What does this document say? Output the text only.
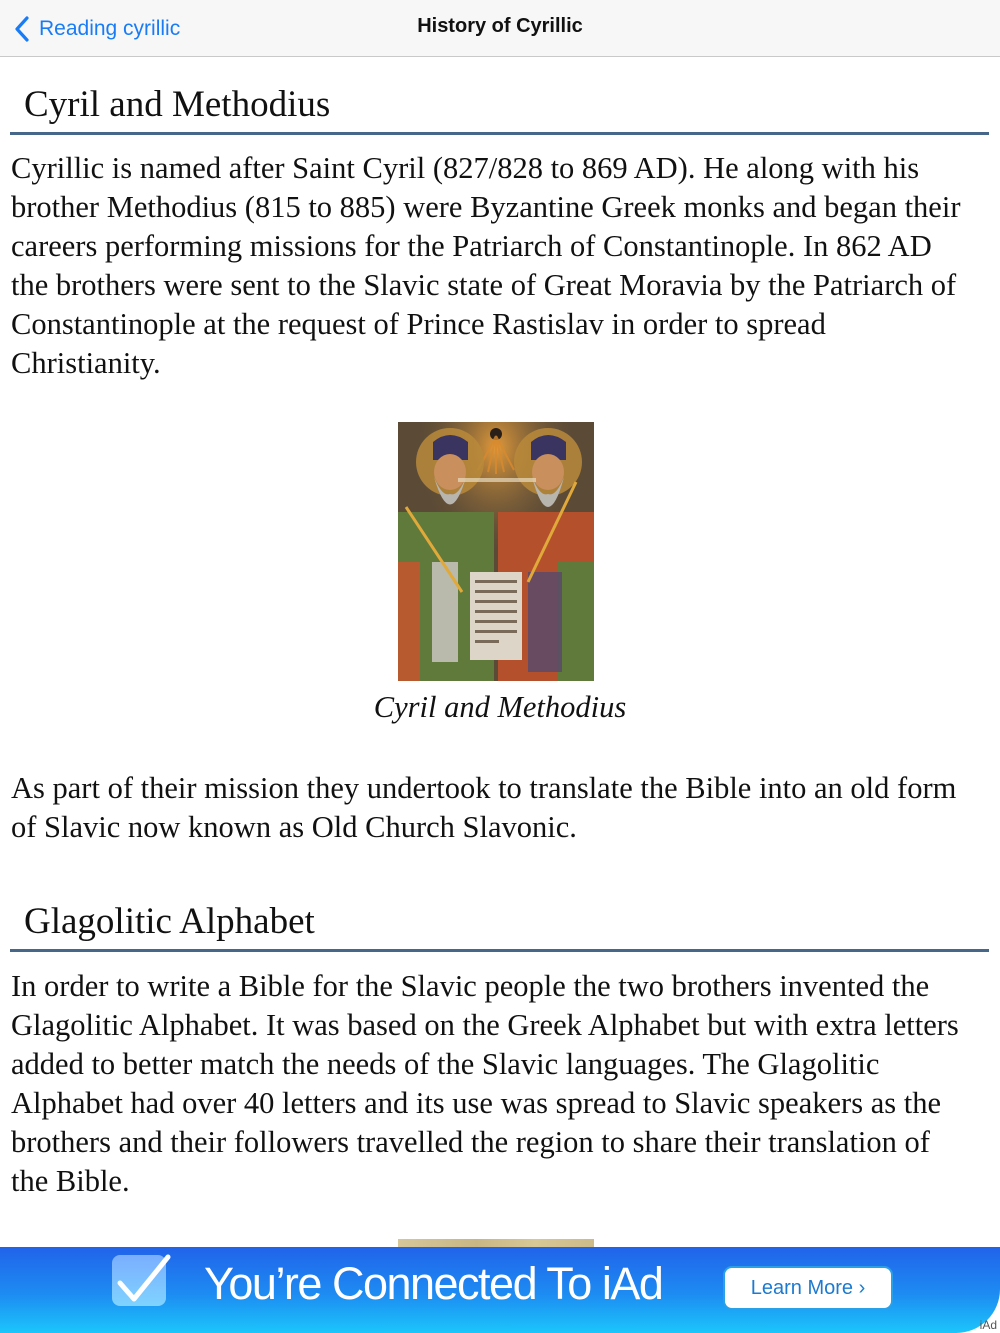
Reading cyrillic	History of Cyrillic
Cyril and Methodius
Cyrillic is named after Saint Cyril (827/828 to 869 AD). He along with his
brother Methodius (815 to 885) were Byzantine Greek monks and began their
careers performing missions for the Patriarch of Constantinople. In 862 AD
the brothers were sent to the Slavic state of Great Moravia by the Patriarch of
Constantinople at the request of Prince Rastislav in order to spread
Christianity.
Cyril and Methodius
As part of their mission they undertook to translate the Bible into an old form
of Slavic now known as Old Church Slavonic.
Glagolitic Alphabet
In order to write a Bible for the Slavic people the two brothers invented the
Glagolitic Alphabet. It was based on the Greek Alphabet but with extra letters
added to better match the needs of the Slavic languages. The Glagolitic
Alphabet had over 40 letters and its use was spread to Slavic speakers as the
brothers and their followers travelled the region to share their translation of
the Bible.
You’re Connected To iAd	Learn More ›
iAd
